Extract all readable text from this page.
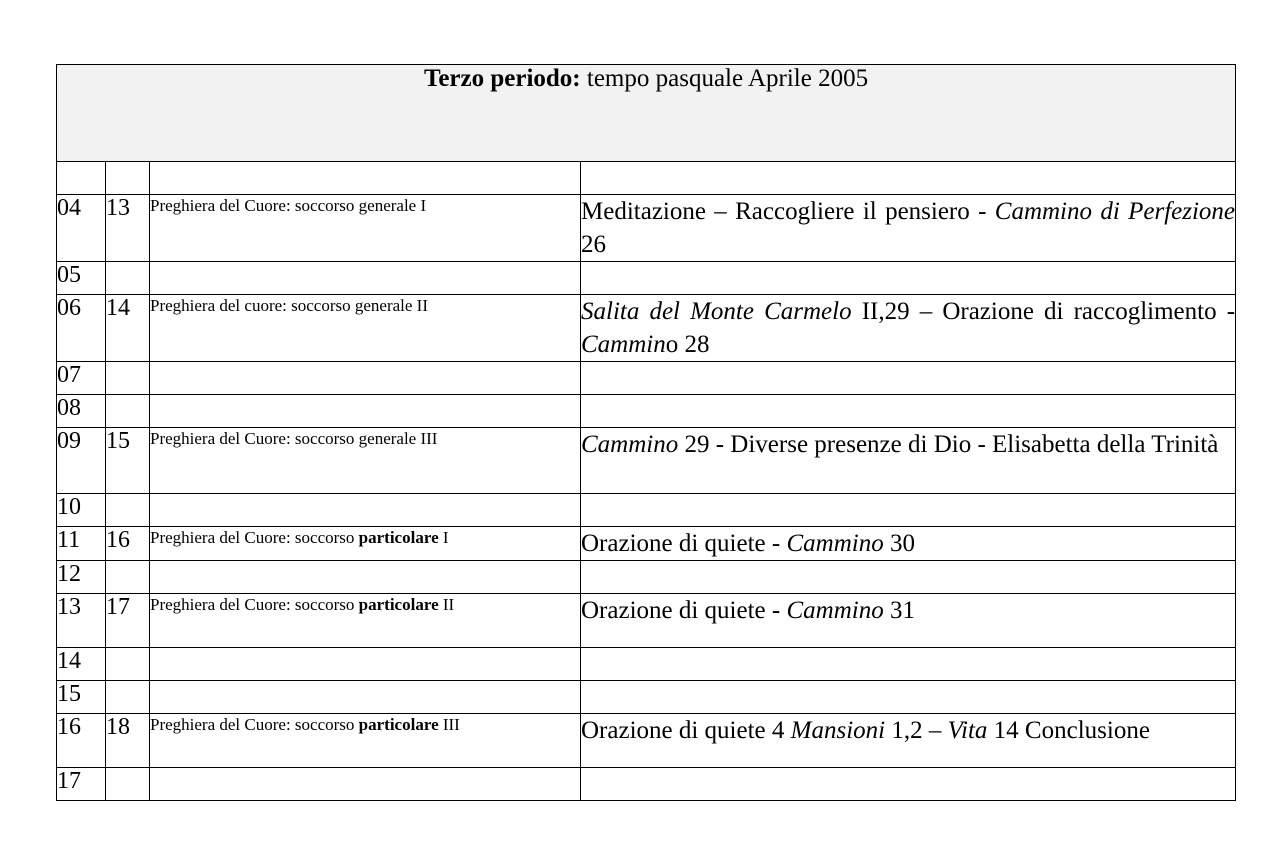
Terzo periodo: tempo pasquale Aprile 2005			

04	13	Preghiera del Cuore: soccorso generale I	Meditazione – Raccogliere il pensiero - Cammino di Perfezione 26
05			
06	14	Preghiera del cuore: soccorso generale II	Salita del Monte Carmelo II,29 – Orazione di raccoglimento - Cammino 28
07			
08			
09	15	Preghiera del Cuore: soccorso generale III	Cammino 29 - Diverse presenze di Dio - Elisabetta della Trinità
10			
11	16	Preghiera del Cuore: soccorso particolare I	Orazione di quiete - Cammino 30
12			
13	17	Preghiera del Cuore: soccorso particolare II	Orazione di quiete - Cammino 31
14			
15			
16	18	Preghiera del Cuore: soccorso particolare III	Orazione di quiete 4 Mansioni 1,2 – Vita 14 Conclusione
17			
